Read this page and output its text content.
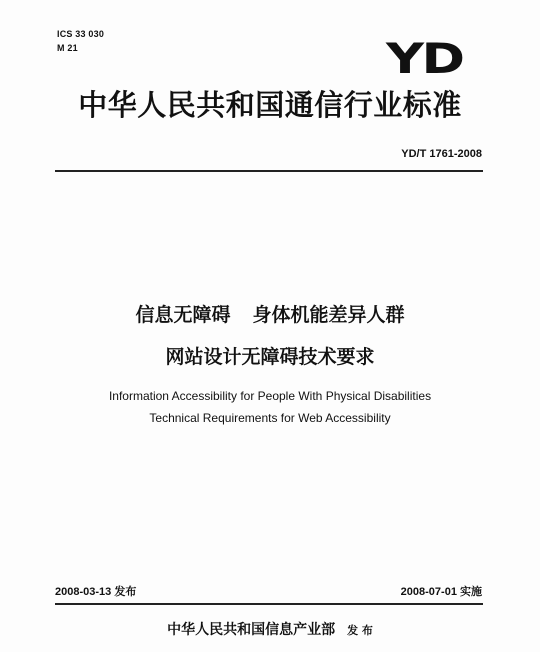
ICS 33 030
M 21	YD
中华人民共和国通信行业标准
YD/T 1761-2008
信息无障碍 身体机能差异人群
网站设计无障碍技术要求
Information Accessibility for People With Physical Disabilities
Technical Requirements for Web Accessibility
2008-03-13 发布	2008-07-01 实施
中华人民共和国信息产业部 发 布
